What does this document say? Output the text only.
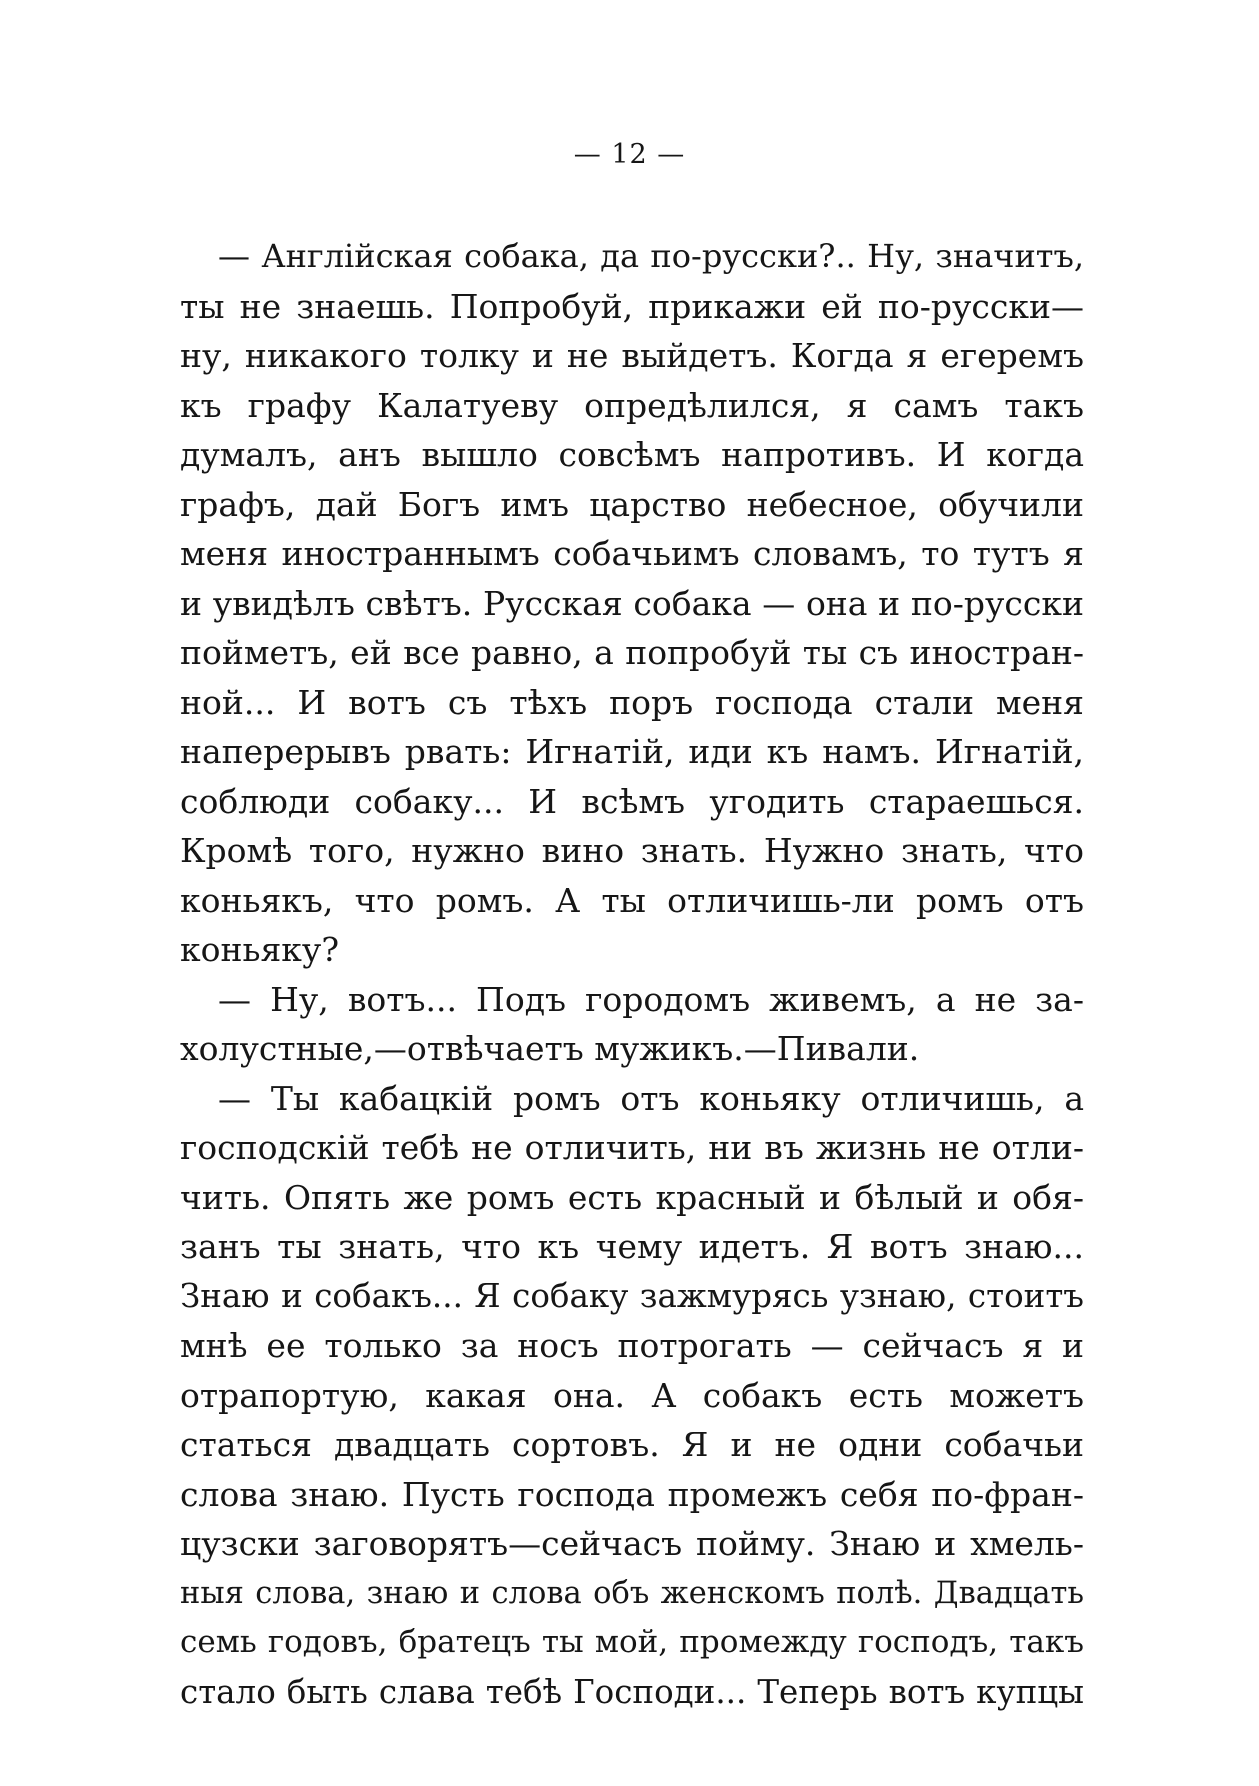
— 12 —
— Англійская собака, да по-русски?.. Ну, значитъ,
ты не знаешь. Попробуй, прикажи ей по-русски—
ну, никакого толку и не выйдетъ. Когда я егеремъ
къ графу Калатуеву опредѣлился, я самъ такъ
думалъ, анъ вышло совсѣмъ напротивъ. И когда
графъ, дай Богъ имъ царство небесное, обучили
меня иностраннымъ собачьимъ словамъ, то тутъ я
и увидѣлъ свѣтъ. Русская собака — она и по-русски
пойметъ, ей все равно, а попробуй ты съ иностран-
ной... И вотъ съ тѣхъ поръ господа стали меня
наперерывъ рвать: Игнатій, иди къ намъ. Игнатій,
соблюди собаку... И всѣмъ угодить стараешься.
Кромѣ того, нужно вино знать. Нужно знать, что
коньякъ, что ромъ. А ты отличишь-ли ромъ отъ
коньяку?
— Ну, вотъ... Подъ городомъ живемъ, а не за-
холустные,—отвѣчаетъ мужикъ.—Пивали.
— Ты кабацкій ромъ отъ коньяку отличишь, а
господскій тебѣ не отличить, ни въ жизнь не отли-
чить. Опять же ромъ есть красный и бѣлый и обя-
занъ ты знать, что къ чему идетъ. Я вотъ знаю...
Знаю и собакъ... Я собаку зажмурясь узнаю, стоитъ
мнѣ ее только за носъ потрогать — сейчасъ я и
отрапортую, какая она. А собакъ есть можетъ
статься двадцать сортовъ. Я и не одни собачьи
слова знаю. Пусть господа промежъ себя по-фран-
цузски заговорятъ—сейчасъ пойму. Знаю и хмель-
ныя слова, знаю и слова объ женскомъ полѣ. Двадцать
семь годовъ, братецъ ты мой, промежду господъ, такъ
стало быть слава тебѣ Господи... Теперь вотъ купцы
